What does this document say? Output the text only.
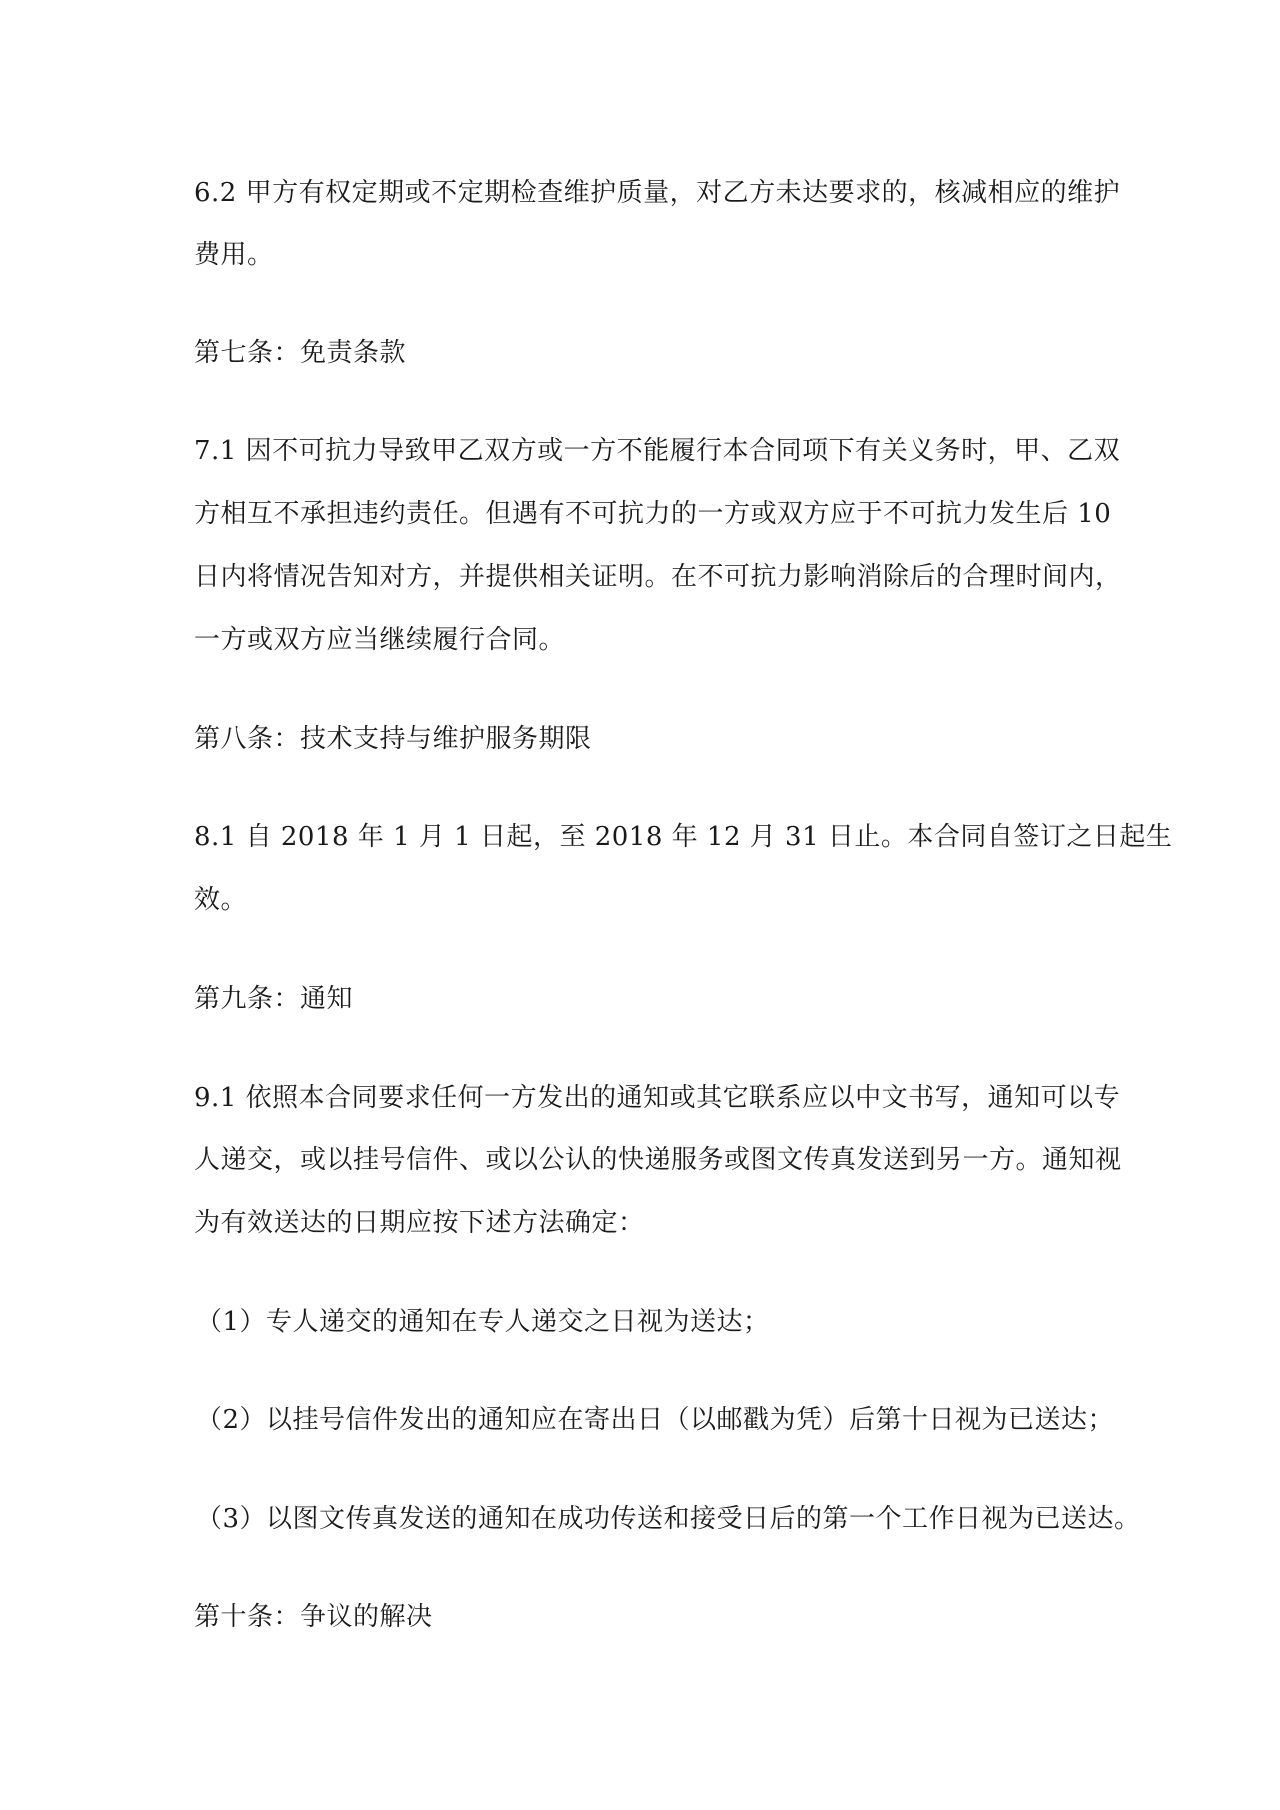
6.2 甲方有权定期或不定期检查维护质量，对乙方未达要求的，核减相应的维护

费用。

第七条：免责条款

7.1 因不可抗力导致甲乙双方或一方不能履行本合同项下有关义务时，甲、乙双

方相互不承担违约责任。但遇有不可抗力的一方或双方应于不可抗力发生后 10

日内将情况告知对方，并提供相关证明。在不可抗力影响消除后的合理时间内，

一方或双方应当继续履行合同。

第八条：技术支持与维护服务期限

8.1 自 2018 年 1 月 1 日起，至 2018 年 12 月 31 日止。本合同自签订之日起生

效。

第九条：通知

9.1 依照本合同要求任何一方发出的通知或其它联系应以中文书写，通知可以专

人递交，或以挂号信件、或以公认的快递服务或图文传真发送到另一方。通知视

为有效送达的日期应按下述方法确定：

（1）专人递交的通知在专人递交之日视为送达；

（2）以挂号信件发出的通知应在寄出日（以邮戳为凭）后第十日视为已送达；

（3）以图文传真发送的通知在成功传送和接受日后的第一个工作日视为已送达。

第十条：争议的解决
